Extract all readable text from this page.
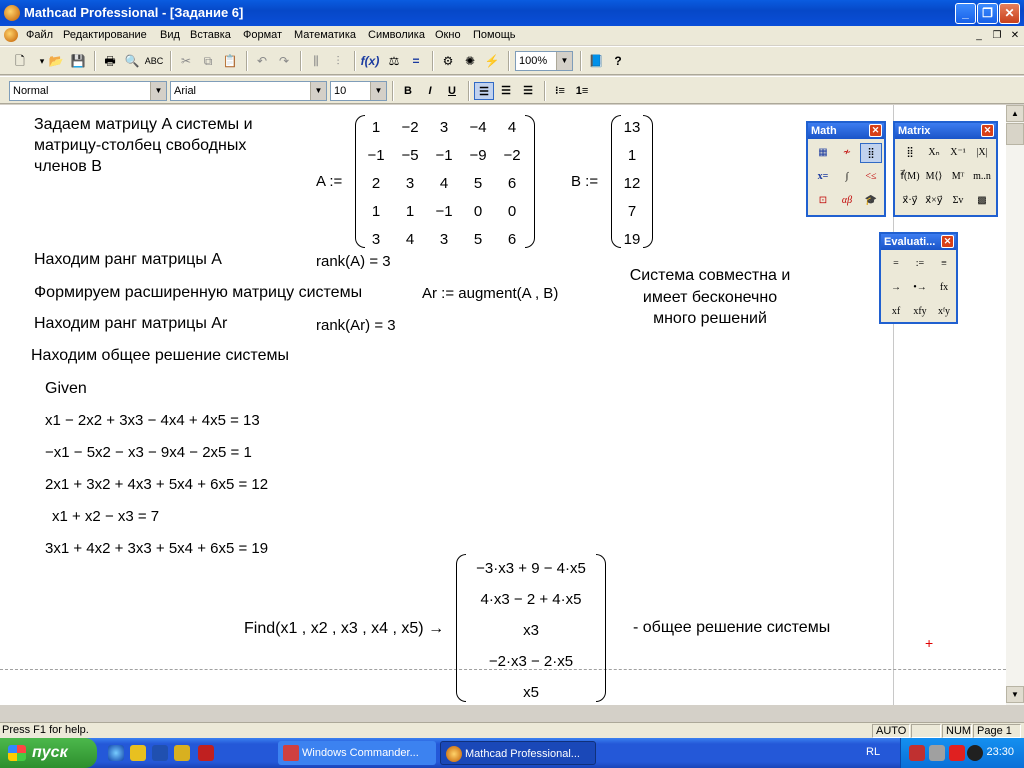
Mathcad Professional - [Задание 6]	_	❐ ✕
Файл Редактирование Вид Вставка Формат Математика Символика Окно Помощь	_	❐ ✕
🗋	▾ 📂 💾	🖶 🔍 ABC	✂	⧉ 📋	↶ ↷	⫼	⫶	f(x) ⚖	=	⚙ ✺ ⚡	100%	▼ 📘 ?
Normal	▼	Arial	▼	10	▼	B	I	U	☰	☰	☰	⁝≡ 1≡
Задаем матрицу A системы и
матрицу-столбец свободных
членов B
A :=
1	−2	3	−4	4
−1	−5	−1	−9	−2
2	3	4	5	6
1	1	−1	0	0
3	4	3	5	6
B :=
13
1
12
7
19
Находим ранг матрицы A	rank(A) = 3
Формируем расширенную матрицу системы	Ar := augment(A , B)
Находим ранг матрицы Ar	rank(Ar) = 3
Система совместна и
имеет бесконечно
много решений
Находим общее решение системы
Given
x1 − 2x2 + 3x3 − 4x4 + 4x5 = 13
−x1 − 5x2 − x3 − 9x4 − 2x5 = 1
2x1 + 3x2 + 4x3 + 5x4 + 6x5 = 12
x1 + x2 − x3 = 7
3x1 + 4x2 + 3x3 + 5x4 + 6x5 = 19
Find(x1 , x2 , x3 , x4 , x5) →
−3·x3 + 9 − 4·x5
4·x3 − 2 + 4·x5
x3
−2·x3 − 2·x5
x5
- общее решение системы
+
▲
▼
Math	✕
▦	≁	⣿
x=	∫	<≤
⊡	αβ	🎓
Matrix	✕
⣿	Xₙ	X⁻¹	|X|
f⃗(M) M⟨⟩ Mᵀ m..n
x⃗·y⃗ x⃗×y⃗ Σv	▩
Evaluati... ✕
=	:=	≡
→	•→	fx
xf	xfy	xᶠy
Press F1 for help.	AUTO	NUM Page 1
пуск	Windows Commander...	Mathcad Professional...	RL	23:30
